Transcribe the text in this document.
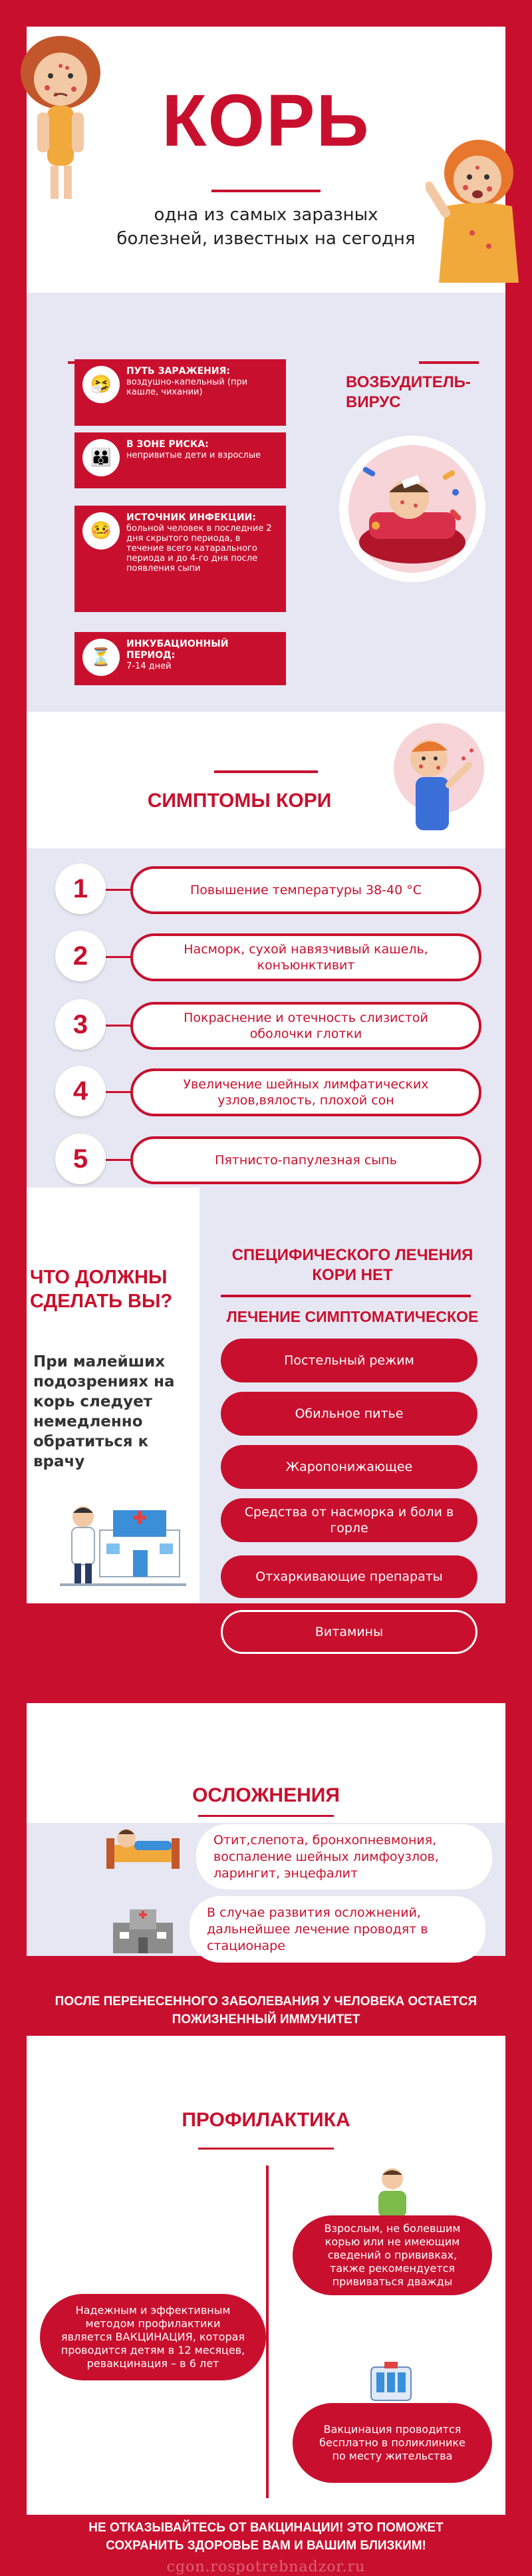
КОРЬ
одна из самых заразных
болезней, известных на сегодня
🤧
ПУТЬ ЗАРАЖЕНИЯ:
воздушно-капельный (при кашле, чихании)
👪
В ЗОНЕ РИСКА:
непривитые дети и взрослые
🤒
ИСТОЧНИК ИНФЕКЦИИ:
больной человек в последние 2 дня скрытого периода, в течение всего катарального периода и до 4-го дня после появления сыпи
⏳
ИНКУБАЦИОННЫЙ ПЕРИОД:
7-14 дней
ВОЗБУДИТЕЛЬ- ВИРУС
СИМПТОМЫ КОРИ
1	Повышение температуры 38-40 °С
2	Насморк, сухой навязчивый кашель, конъюнктивит
3	Покраснение и отечность слизистой оболочки глотки
4	Увеличение шейных лимфатических узлов,вялость, плохой сон
5	Пятнисто-папулезная сыпь
ЧТО ДОЛЖНЫ СДЕЛАТЬ ВЫ?
При малейших подозрениях на корь следует немедленно обратиться к врачу
СПЕЦИФИЧЕСКОГО ЛЕЧЕНИЯ КОРИ НЕТ
ЛЕЧЕНИЕ СИМПТОМАТИЧЕСКОЕ
Постельный режим
Обильное питье
Жаропонижающее
Средства от насморка и боли в горле
Отхаркивающие препараты
Витамины
ОСЛОЖНЕНИЯ
Отит,слепота, бронхопневмония, воспаление шейных лимфоузлов, ларингит, энцефалит
В случае развития осложнений, дальнейшее лечение проводят в стационаре
ПОСЛЕ ПЕРЕНЕСЕННОГО ЗАБОЛЕВАНИЯ У ЧЕЛОВЕКА ОСТАЕТСЯ ПОЖИЗНЕННЫЙ ИММУНИТЕТ
ПРОФИЛАКТИКА
Взрослым, не болевшим корью или не имеющим сведений о прививках, также рекомендуется прививаться дважды
Надежным и эффективным методом профилактики является ВАКЦИНАЦИЯ, которая проводится детям в 12 месяцев, ревакцинация – в 6 лет
Вакцинация проводится бесплатно в поликлинике по месту жительства
НЕ ОТКАЗЫВАЙТЕСЬ ОТ ВАКЦИНАЦИИ! ЭТО ПОМОЖЕТ
СОХРАНИТЬ ЗДОРОВЬЕ ВАМ И ВАШИМ БЛИЗКИМ!
cgon.rospotrebnadzor.ru
